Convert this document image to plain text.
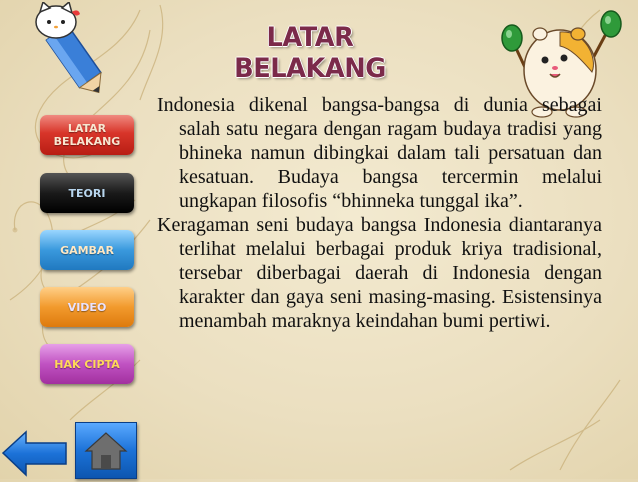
LATAR BELAKANG
LATAR
BELAKANG
TEORI
GAMBAR
VIDEO
HAK CIPTA

Indonesia dikenal bangsa-bangsa di dunia sebagai salah satu negara dengan ragam budaya tradisi yang bhineka namun dibingkai dalam tali persatuan dan kesatuan. Budaya bangsa tercermin melalui ungkapan filosofis “bhinneka tunggal ika”.

Keragaman seni budaya bangsa Indonesia diantaranya terlihat melalui berbagai produk kriya tradisional, tersebar diberbagai daerah di Indonesia dengan karakter dan gaya seni masing-masing. Esistensinya menambah maraknya keindahan bumi pertiwi.
